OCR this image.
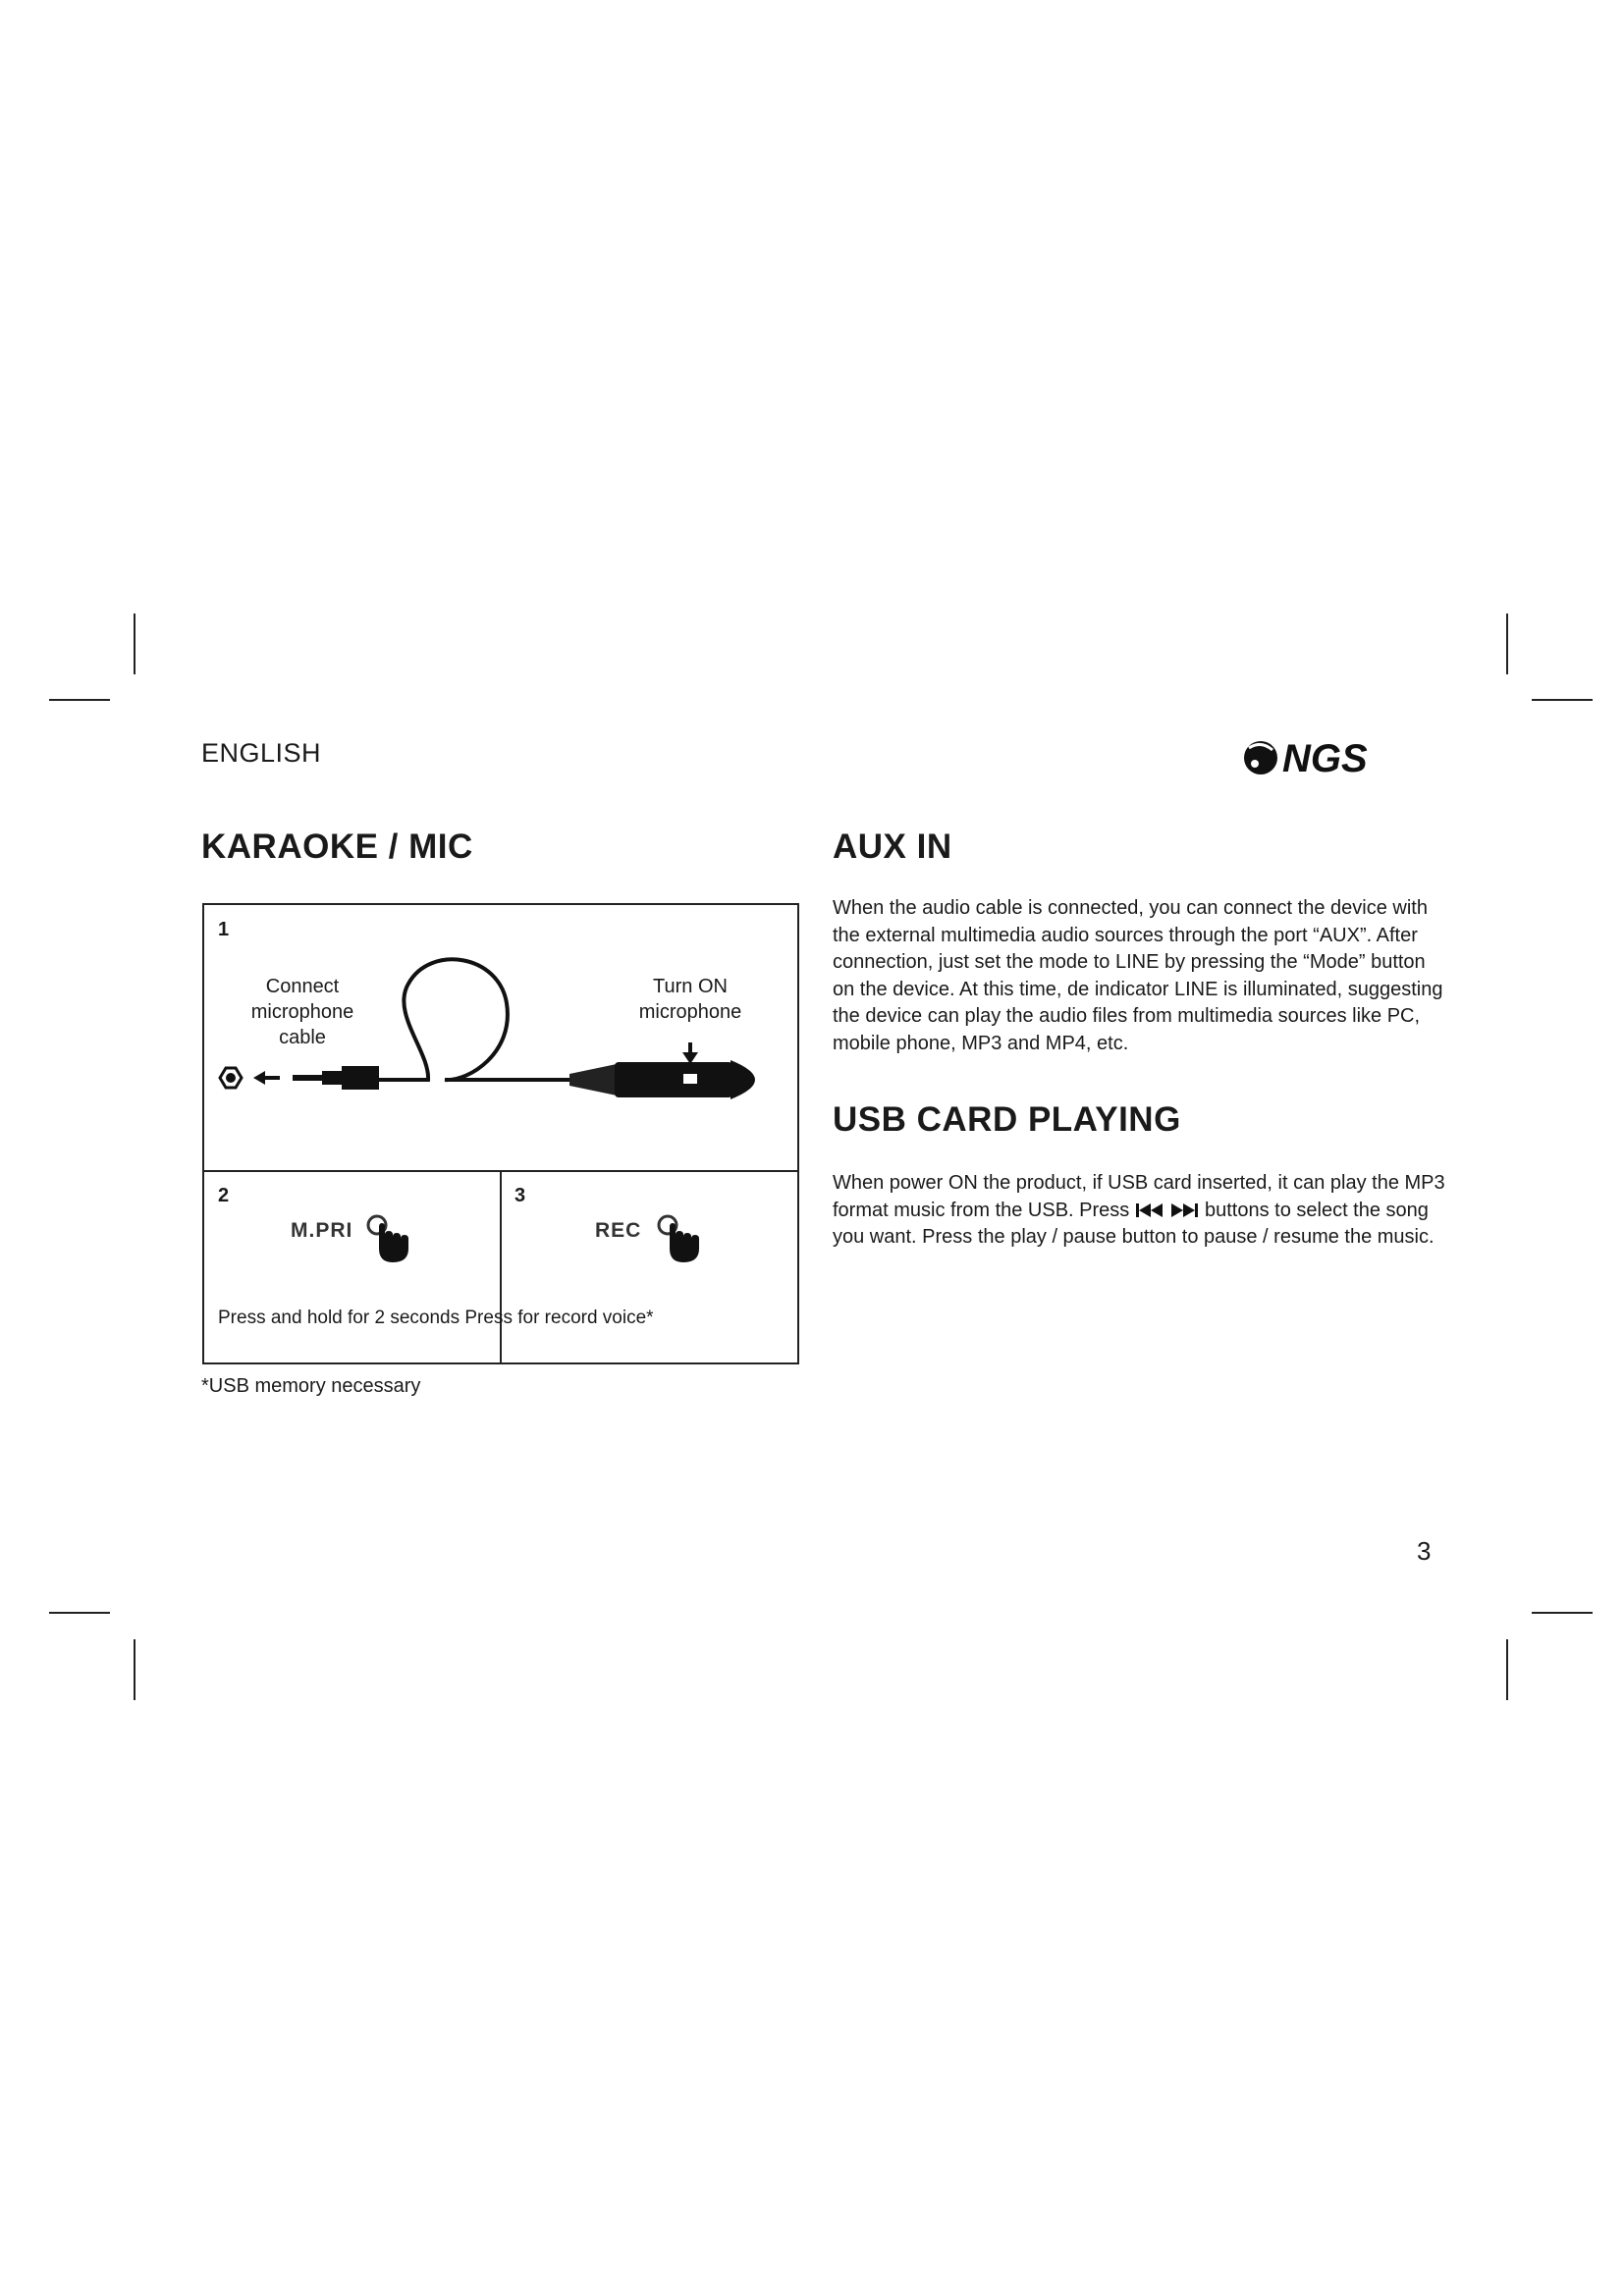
ENGLISH	NGS
KARAOKE / MIC
1
Connect
microphone
cable
Turn ON
microphone
2
M.PRI
3
REC
Press and hold for 2 seconds Press for record voice*
*USB memory necessary
AUX IN

When the audio cable is connected, you can connect the device with the external multimedia audio sources through the port “AUX”. After connection, just set the mode to LINE by pressing the “Mode” button on the device. At this time, de indicator LINE is illuminated, suggesting the device can play the audio files from multimedia sources like PC, mobile phone, MP3 and MP4, etc.

USB CARD PLAYING

When power ON the product, if USB card inserted, it can play the MP3 format music from the USB. Press	buttons to select the song you want. Press the play / pause button to pause / resume the music.

3
